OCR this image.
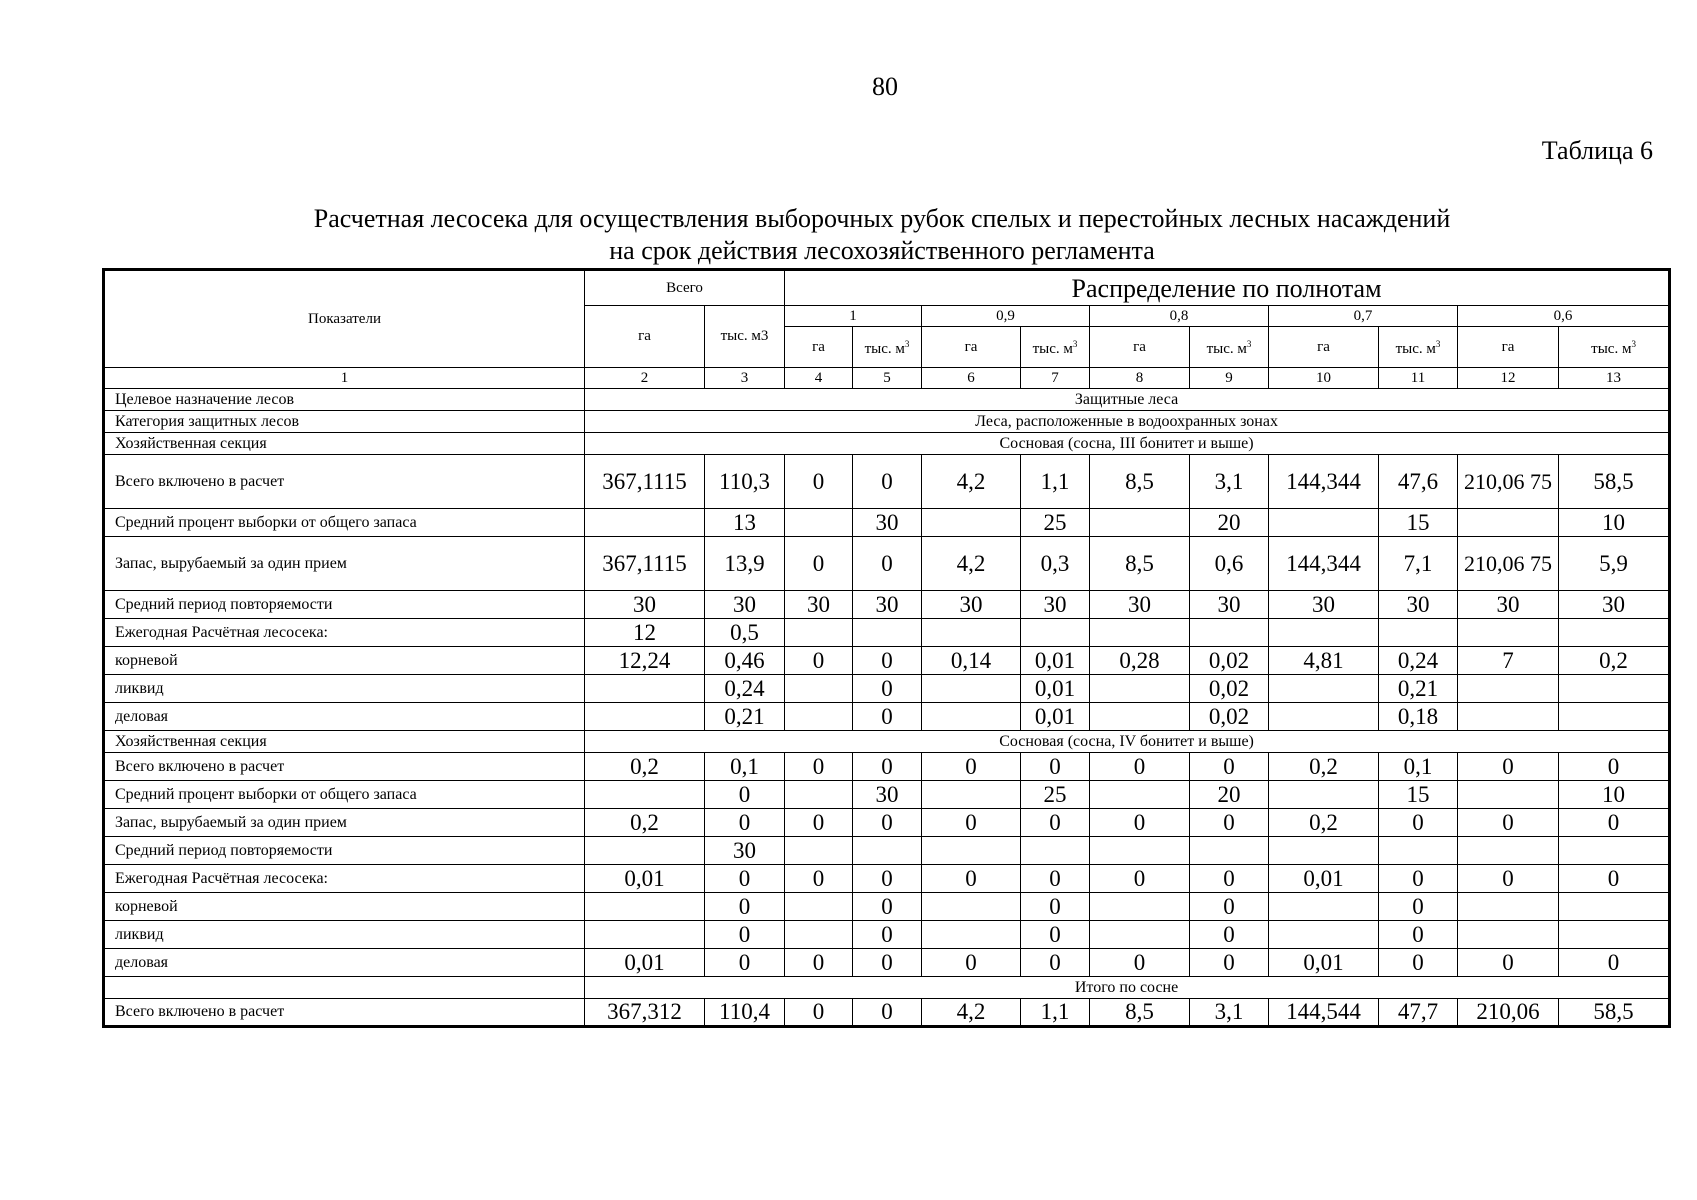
80
Таблица 6
Расчетная лесосека для осуществления выборочных рубок спелых и перестойных лесных насаждений
на срок действия лесохозяйственного регламента
Показатели	Всего		Распределение по полнотам									
	га	тыс. м3	1		0,9		0,8		0,7		0,6	
			га	тыс. $м^3$	га	тыс. $м^3$	га	тыс. $м^3$	га	тыс. $м^3$	га	тыс. $м^3$
1	2	3	4	5	6	7	8	9	10	11	12	13
Целевое назначение лесов	Защитные леса											
Категория защитных лесов	Леса, расположенные в водоохранных зонах											
Хозяйственная секция	Сосновая (сосна, III бонитет и выше)											
Всего включено в расчет	367,1115	110,3	0	0	4,2	1,1	8,5	3,1	144,344	47,6	210,06 75	58,5
Средний процент выборки от общего запаса		13		30		25		20		15		10
Запас, вырубаемый за один прием	367,1115	13,9	0	0	4,2	0,3	8,5	0,6	144,344	7,1	210,06 75	5,9
Средний период повторяемости	30	30	30	30	30	30	30	30	30	30	30	30
Ежегодная Расчётная лесосека:	12	0,5										
корневой	12,24	0,46	0	0	0,14	0,01	0,28	0,02	4,81	0,24	7	0,2
ликвид		0,24		0		0,01		0,02		0,21		
деловая		0,21		0		0,01		0,02		0,18		
Хозяйственная секция	Сосновая (сосна, IV бонитет и выше)											
Всего включено в расчет	0,2	0,1	0	0	0	0	0	0	0,2	0,1	0	0
Средний процент выборки от общего запаса		0		30		25		20		15		10
Запас, вырубаемый за один прием	0,2	0	0	0	0	0	0	0	0,2	0	0	0
Средний период повторяемости		30										
Ежегодная Расчётная лесосека:	0,01	0	0	0	0	0	0	0	0,01	0	0	0
корневой		0		0		0		0		0		
ликвид		0		0		0		0		0		
деловая	0,01	0	0	0	0	0	0	0	0,01	0	0	0
	Итого по сосне											
Всего включено в расчет	367,312	110,4	0	0	4,2	1,1	8,5	3,1	144,544	47,7	210,06	58,5
